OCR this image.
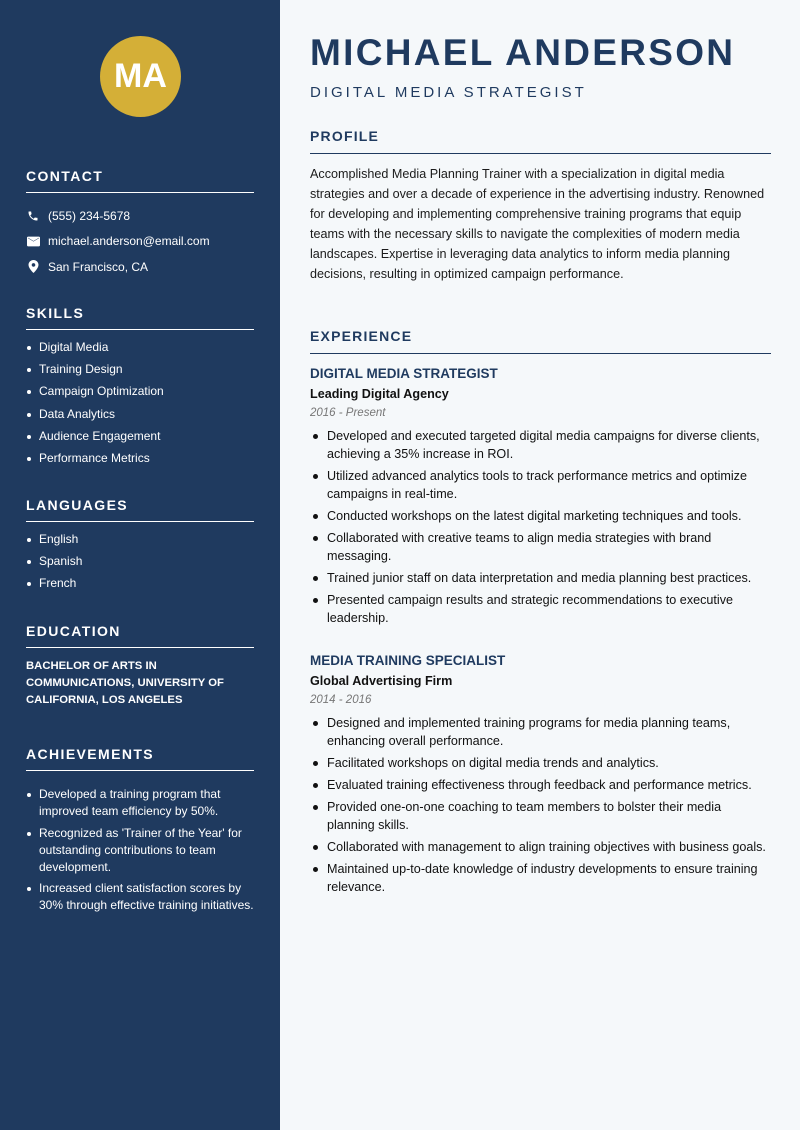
MA
CONTACT
(555) 234-5678
michael.anderson@email.com
San Francisco, CA
SKILLS
Digital Media
Training Design
Campaign Optimization
Data Analytics
Audience Engagement
Performance Metrics
LANGUAGES
English
Spanish
French
EDUCATION
BACHELOR OF ARTS IN COMMUNICATIONS, UNIVERSITY OF CALIFORNIA, LOS ANGELES
ACHIEVEMENTS
Developed a training program that improved team efficiency by 50%.
Recognized as 'Trainer of the Year' for outstanding contributions to team development.
Increased client satisfaction scores by 30% through effective training initiatives.
MICHAEL ANDERSON
DIGITAL MEDIA STRATEGIST
PROFILE
Accomplished Media Planning Trainer with a specialization in digital media strategies and over a decade of experience in the advertising industry. Renowned for developing and implementing comprehensive training programs that equip teams with the necessary skills to navigate the complexities of modern media landscapes. Expertise in leveraging data analytics to inform media planning decisions, resulting in optimized campaign performance.
EXPERIENCE
DIGITAL MEDIA STRATEGIST
Leading Digital Agency
2016 - Present
Developed and executed targeted digital media campaigns for diverse clients, achieving a 35% increase in ROI.
Utilized advanced analytics tools to track performance metrics and optimize campaigns in real-time.
Conducted workshops on the latest digital marketing techniques and tools.
Collaborated with creative teams to align media strategies with brand messaging.
Trained junior staff on data interpretation and media planning best practices.
Presented campaign results and strategic recommendations to executive leadership.
MEDIA TRAINING SPECIALIST
Global Advertising Firm
2014 - 2016
Designed and implemented training programs for media planning teams, enhancing overall performance.
Facilitated workshops on digital media trends and analytics.
Evaluated training effectiveness through feedback and performance metrics.
Provided one-on-one coaching to team members to bolster their media planning skills.
Collaborated with management to align training objectives with business goals.
Maintained up-to-date knowledge of industry developments to ensure training relevance.
